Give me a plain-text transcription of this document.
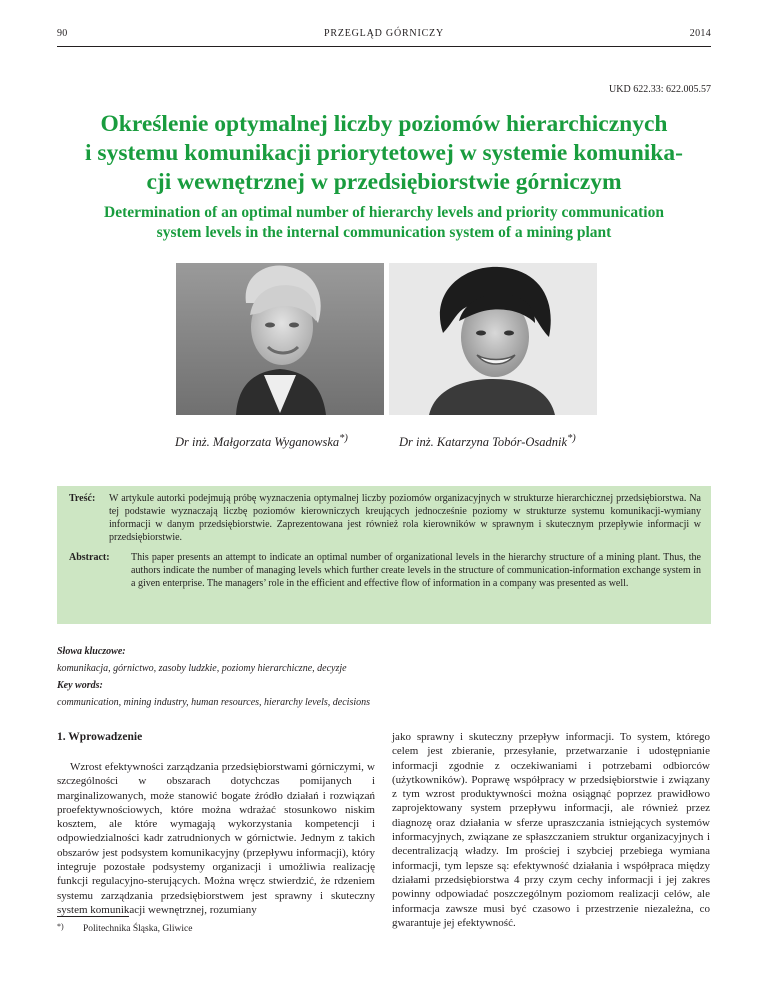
90	PRZEGLĄD GÓRNICZY	2014
UKD 622.33: 622.005.57
Określenie optymalnej liczby poziomów hierarchicznych
i systemu komunikacji priorytetowej w systemie komunika-
cji wewnętrznej w przedsiębiorstwie górniczym
Determination of an optimal number of hierarchy levels and priority communication
system levels in the internal communication system of a mining plant
Dr inż. Małgorzata Wyganowska*)	Dr inż. Katarzyna Tobór-Osadnik*)
Treść:	W artykule autorki podejmują próbę wyznaczenia optymalnej liczby poziomów organizacyjnych w strukturze hierarchicznej przedsiębiorstwa. Na tej podstawie wyznaczają liczbę poziomów kierowniczych kreujących jednocześnie poziomy w strukturze systemu komunikacji-wymiany informacji w danym przedsiębiorstwie. Zaprezentowana jest również rola kierowników w sprawnym i skutecznym przepływie informacji w przedsiębiorstwie.

Abstract:	This paper presents an attempt to indicate an optimal number of organizational levels in the hierarchy structure of a mining plant. Thus, the authors indicate the number of managing levels which further create levels in the structure of communication-information exchange system in a given enterprise. The managers’ role in the efficient and effective flow of information in a company was presented as well.

Słowa kluczowe:
komunikacja, górnictwo, zasoby ludzkie, poziomy hierarchiczne, decyzje
Key words:
communication, mining industry, human resources, hierarchy levels, decisions
1. Wprowadzenie

Wzrost efektywności zarządzania przedsiębiorstwami górniczymi, w szczególności w obszarach dotychczas pomijanych i marginalizowanych, może stanowić bogate źródło działań i rozwiązań proefektywnościowych, które można wdrażać stosunkowo niskim kosztem, ale które wymagają wykorzystania kompetencji i odpowiedzialności kadr zatrudnionych w górnictwie. Jednym z takich obszarów jest podsystem komunikacyjny (przepływu informacji), który integruje pozostałe podsystemy organizacji i umożliwia realizację funkcji regulacyjno-sterujących. Można wręcz stwierdzić, że rdzeniem systemu zarządzania przedsiębiorstwem jest sprawny i skuteczny system komunikacji wewnętrznej, rozumiany

jako sprawny i skuteczny przepływ informacji. To system, którego celem jest zbieranie, przesyłanie, przetwarzanie i udostępnianie informacji zgodnie z oczekiwaniami i potrzebami odbiorców (użytkowników). Poprawę współpracy w przedsiębiorstwie i związany z tym wzrost produktywności można osiągnąć poprzez prawidłowo zaprojektowany system przepływu informacji, ale również przez diagnozę oraz działania w sferze upraszczania istniejących systemów informacyjnych, związane ze spłaszczaniem struktur organizacyjnych i decentralizacją władzy. Im prościej i szybciej przebiega wymiana informacji, tym lepsze są: efektywność działania i współpraca między działami przedsiębiorstwa 4 przy czym cechy informacji i jej zakres powinny odpowiadać poszczególnym poziomom realizacji celów, ale informacja zawsze musi być czasowo i przestrzenie niezależna, co gwarantuje jej efektywność.

*) Politechnika Śląska, Gliwice
